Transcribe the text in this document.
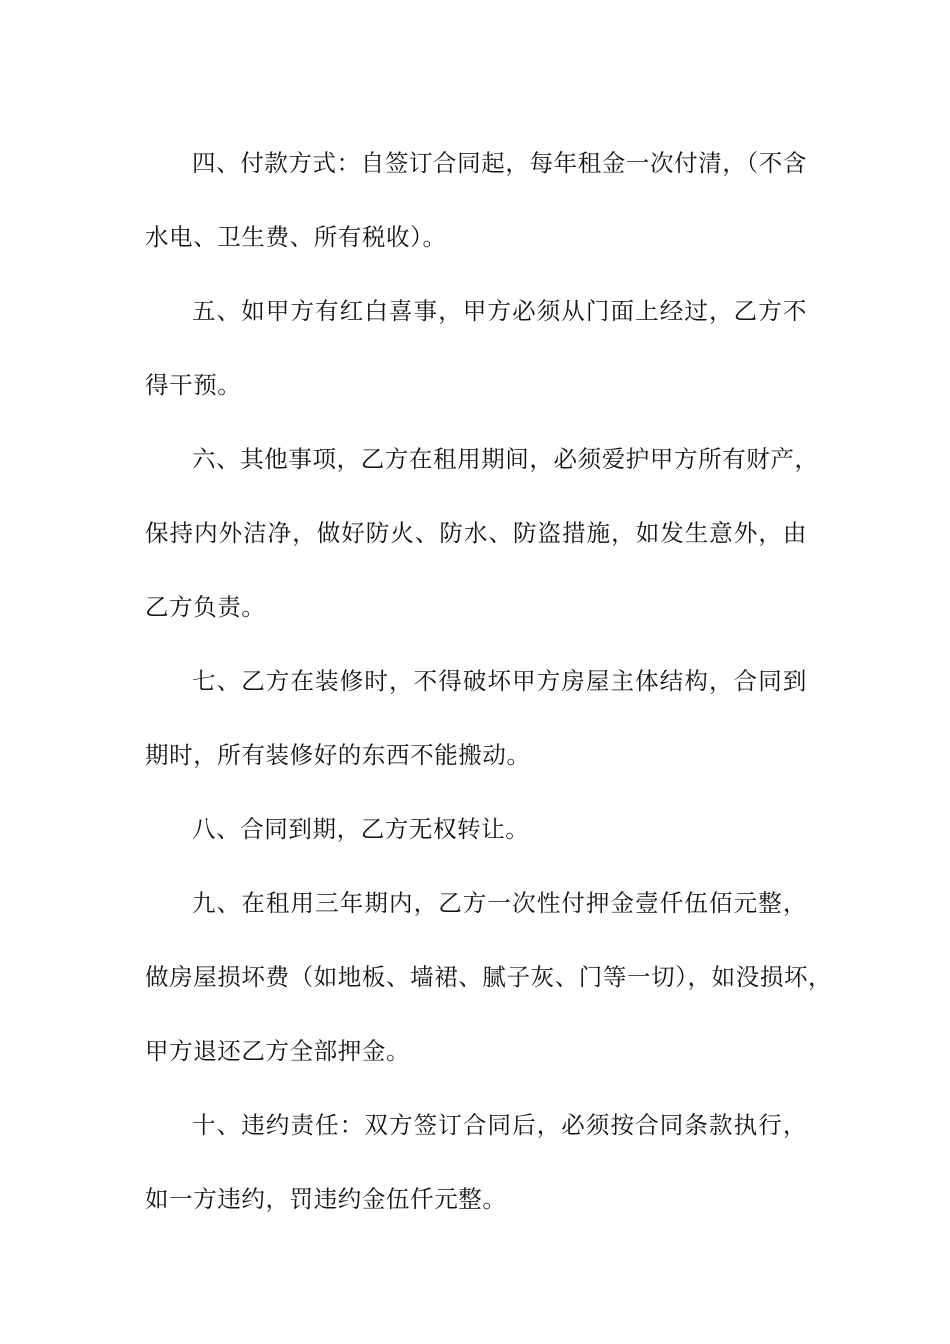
四、付款方式：自签订合同起，每年租金一次付清，（不含
水电、卫生费、所有税收）。

五、如甲方有红白喜事，甲方必须从门面上经过，乙方不
得干预。

六、其他事项，乙方在租用期间，必须爱护甲方所有财产，
保持内外洁净，做好防火、防水、防盗措施，如发生意外，由
乙方负责。

七、乙方在装修时，不得破坏甲方房屋主体结构，合同到
期时，所有装修好的东西不能搬动。

八、合同到期，乙方无权转让。

九、在租用三年期内，乙方一次性付押金壹仟伍佰元整，
做房屋损坏费（如地板、墙裙、腻子灰、门等一切），如没损坏，
甲方退还乙方全部押金。

十、违约责任：双方签订合同后，必须按合同条款执行，
如一方违约，罚违约金伍仟元整。
